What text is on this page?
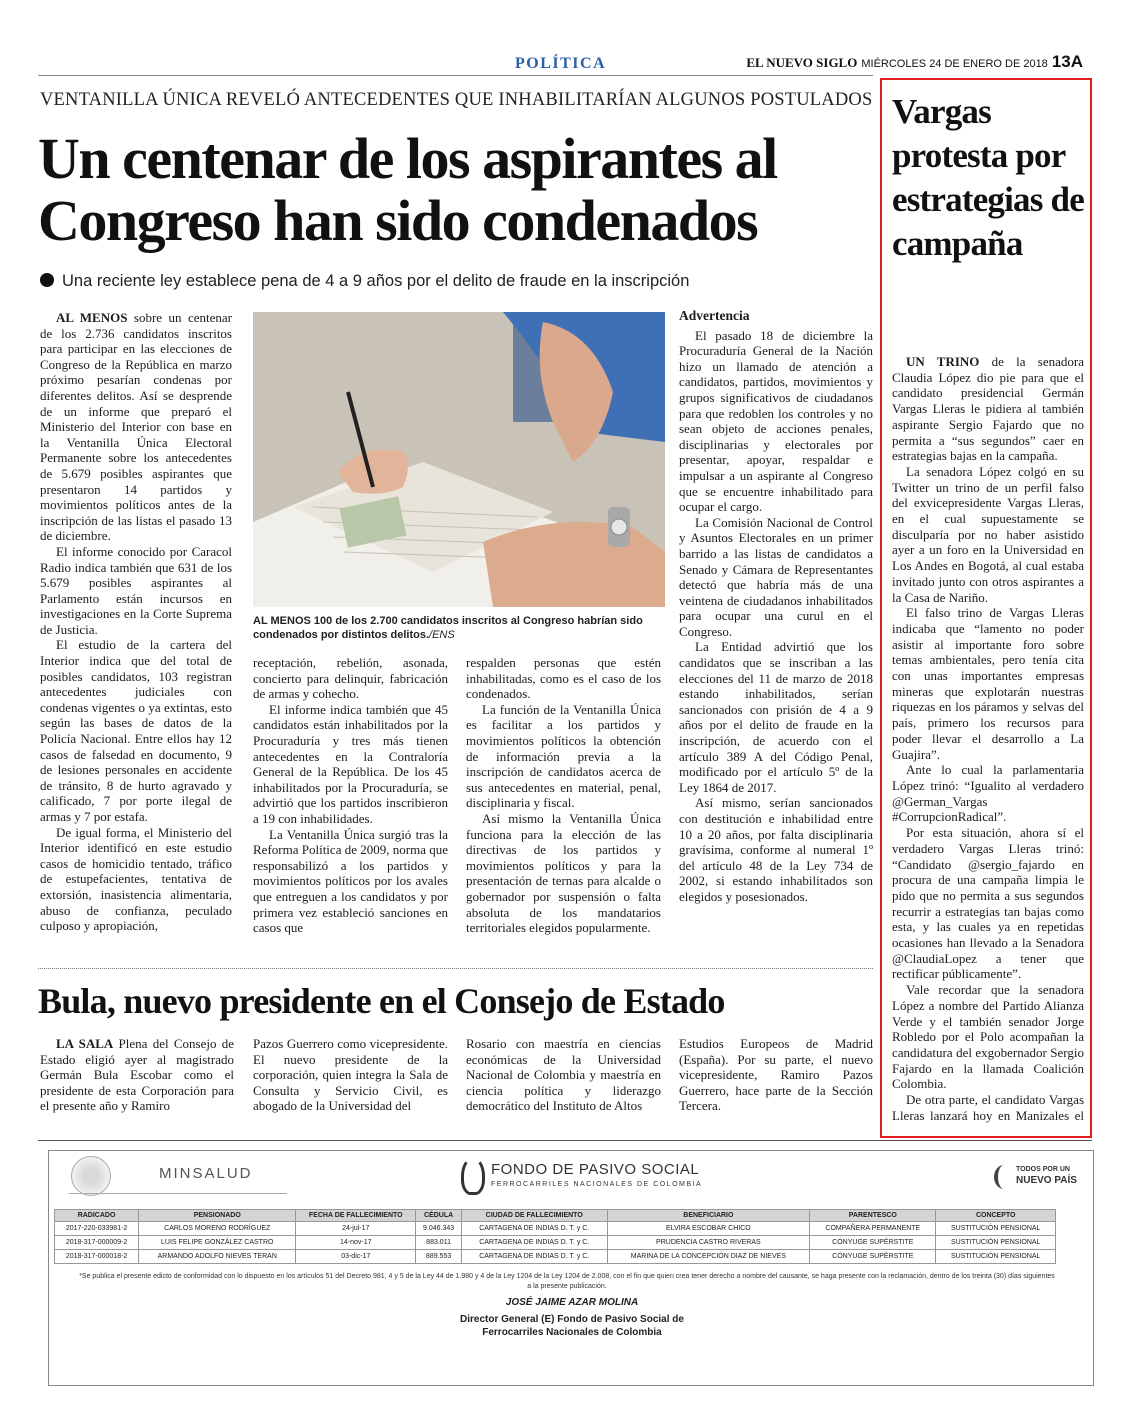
POLÍTICA	EL NUEVO SIGLO MIÉRCOLES 24 DE ENERO DE 2018 13A
VENTANILLA ÚNICA REVELÓ ANTECEDENTES QUE INHABILITARÍAN ALGUNOS POSTULADOS
Un centenar de los aspirantes al Congreso han sido condenados
Una reciente ley establece pena de 4 a 9 años por el delito de fraude en la inscripción

AL MENOS sobre un centenar de los 2.736 candidatos inscritos para participar en las elecciones de Congreso de la República en marzo próximo pesarían condenas por diferentes delitos. Así se desprende de un informe que preparó el Ministerio del Interior con base en la Ventanilla Única Electoral Permanente sobre los antecedentes de 5.679 posibles aspirantes que presentaron 14 partidos y movimientos políticos antes de la inscripción de las listas el pasado 13 de diciembre.

El informe conocido por Caracol Radio indica también que 631 de los 5.679 posibles aspirantes al Parlamento están incursos en investigaciones en la Corte Suprema de Justicia.

El estudio de la cartera del Interior indica que del total de posibles candidatos, 103 registran antecedentes judiciales con condenas vigentes o ya extintas, esto según las bases de datos de la Policía Nacional. Entre ellos hay 12 casos de falsedad en documento, 9 de lesiones personales en accidente de tránsito, 8 de hurto agravado y calificado, 7 por porte ilegal de armas y 7 por estafa.

De igual forma, el Ministerio del Interior identificó en este estudio casos de homicidio tentado, tráfico de estupefacientes, tentativa de extorsión, inasistencia alimentaria, abuso de confianza, peculado culposo y apropiación,

AL MENOS 100 de los 2.700 candidatos inscritos al Congreso habrían sido condenados por distintos delitos./ENS

receptación, rebelión, asonada, concierto para delinquir, fabricación de armas y cohecho.

El informe indica también que 45 candidatos están inhabilitados por la Procuraduría y tres más tienen antecedentes en la Contraloría General de la República. De los 45 inhabilitados por la Procuraduría, se advirtió que los partidos inscribieron a 19 con inhabilidades.

La Ventanilla Única surgió tras la Reforma Política de 2009, norma que responsabilizó a los partidos y movimientos políticos por los avales que entreguen a los candidatos y por primera vez estableció sanciones en casos que

respalden personas que estén inhabilitadas, como es el caso de los condenados.

La función de la Ventanilla Única es facilitar a los partidos y movimientos políticos la obtención de información previa a la inscripción de candidatos acerca de sus antecedentes en material, penal, disciplinaria y fiscal.

Así mismo la Ventanilla Única funciona para la elección de las directivas de los partidos y movimientos políticos y para la presentación de ternas para alcalde o gobernador por suspensión o falta absoluta de los mandatarios territoriales elegidos popularmente.

Advertencia

El pasado 18 de diciembre la Procuraduría General de la Nación hizo un llamado de atención a candidatos, partidos, movimientos y grupos significativos de ciudadanos para que redoblen los controles y no sean objeto de acciones penales, disciplinarias y electorales por presentar, apoyar, respaldar e impulsar a un aspirante al Congreso que se encuentre inhabilitado para ocupar el cargo.

La Comisión Nacional de Control y Asuntos Electorales en un primer barrido a las listas de candidatos a Senado y Cámara de Representantes detectó que habría más de una veintena de ciudadanos inhabilitados para ocupar una curul en el Congreso.

La Entidad advirtió que los candidatos que se inscriban a las elecciones del 11 de marzo de 2018 estando inhabilitados, serían sancionados con prisión de 4 a 9 años por el delito de fraude en la inscripción, de acuerdo con el artículo 389 A del Código Penal, modificado por el artículo 5º de la Ley 1864 de 2017.

Así mismo, serían sancionados con destitución e inhabilidad entre 10 a 20 años, por falta disciplinaria gravísima, conforme al numeral 1º del artículo 48 de la Ley 734 de 2002, si estando inhabilitados son elegidos y posesionados.

Bula, nuevo presidente en el Consejo de Estado

LA SALA Plena del Consejo de Estado eligió ayer al magistrado Germán Bula Escobar como el presidente de esta Corporación para el presente año y Ramiro

Pazos Guerrero como vicepresidente. El nuevo presidente de la corporación, quien integra la Sala de Consulta y Servicio Civil, es abogado de la Universidad del

Rosario con maestría en ciencias económicas de la Universidad Nacional de Colombia y maestría en ciencia política y liderazgo democrático del Instituto de Altos

Estudios Europeos de Madrid (España). Por su parte, el nuevo vicepresidente, Ramiro Pazos Guerrero, hace parte de la Sección Tercera.

Vargas protesta por estrategias de campaña

UN TRINO de la senadora Claudia López dio pie para que el candidato presidencial Germán Vargas Lleras le pidiera al también aspirante Sergio Fajardo que no permita a “sus segundos” caer en estrategias bajas en la campaña.

La senadora López colgó en su Twitter un trino de un perfil falso del exvicepresidente Vargas Lleras, en el cual supuestamente se disculparía por no haber asistido ayer a un foro en la Universidad en Los Andes en Bogotá, al cual estaba invitado junto con otros aspirantes a la Casa de Nariño.

El falso trino de Vargas Lleras indicaba que “lamento no poder asistir al importante foro sobre temas ambientales, pero tenía cita con unas importantes empresas mineras que explotarán nuestras riquezas en los páramos y selvas del país, primero los recursos para poder llevar el desarrollo a La Guajira”.

Ante lo cual la parlamentaria López trinó: “Igualito al verdadero @German_Vargas #CorrupcionRadical”.

Por esta situación, ahora sí el verdadero Vargas Lleras trinó: “Candidato @sergio_fajardo en procura de una campaña limpia le pido que no permita a sus segundos recurrir a estrategias tan bajas como esta, y las cuales ya en repetidas ocasiones han llevado a la Senadora @ClaudiaLopez a tener que rectificar públicamente”.

Vale recordar que la senadora López a nombre del Partido Alianza Verde y el también senador Jorge Robledo por el Polo acompañan la candidatura del exgobernador Sergio Fajardo en la llamada Coalición Colombia.

De otra parte, el candidato Vargas Lleras lanzará hoy en Manizales el

MINSALUD	FONDO DE PASIVO SOCIAL
FERROCARRILES NACIONALES DE COLOMBIA
TODOS POR UN
NUEVO PAÍS
RADICADO	PENSIONADO	FECHA DE FALLECIMIENTO	CÉDULA	CIUDAD DE FALLECIMIENTO	BENEFICIARIO	PARENTESCO	CONCEPTO
2017-220-033981-2	CARLOS MORENO RODRÍGUEZ	24-jul-17	9.046.343	CARTAGENA DE INDIAS D. T. y C.	ELVIRA ESCOBAR CHICO	COMPAÑERA PERMANENTE	SUSTITUCIÓN PENSIONAL
2018-317-000009-2	LUIS FELIPE GONZÁLEZ CASTRO	14-nov-17	883.011	CARTAGENA DE INDIAS D. T. y C.	PRUDENCIA CASTRO RIVERAS	CÓNYUGE SUPÉRSTITE	SUSTITUCIÓN PENSIONAL
2018-317-000018-2	ARMANDO ADOLFO NIEVES TERAN	03-dic-17	889.553	CARTAGENA DE INDIAS D. T. y C.	MARINA DE LA CONCEPCIÓN DIAZ DE NIEVES	CÓNYUGE SUPÉRSTITE	SUSTITUCIÓN PENSIONAL
*Se publica el presente edicto de conformidad con lo dispuesto en los artículos 51 del Decreto 981, 4 y 5 de la Ley 44 de 1.980 y 4 de la Ley 1204 de la Ley 1204 de 2.008, con el fin que quien crea tener derecho a nombre del causante, se haga presente con la reclamación, dentro de los treinta (30) días siguientes a la presente publicación.
JOSÉ JAIME AZAR MOLINA
Director General (E) Fondo de Pasivo Social de
Ferrocarriles Nacionales de Colombia
